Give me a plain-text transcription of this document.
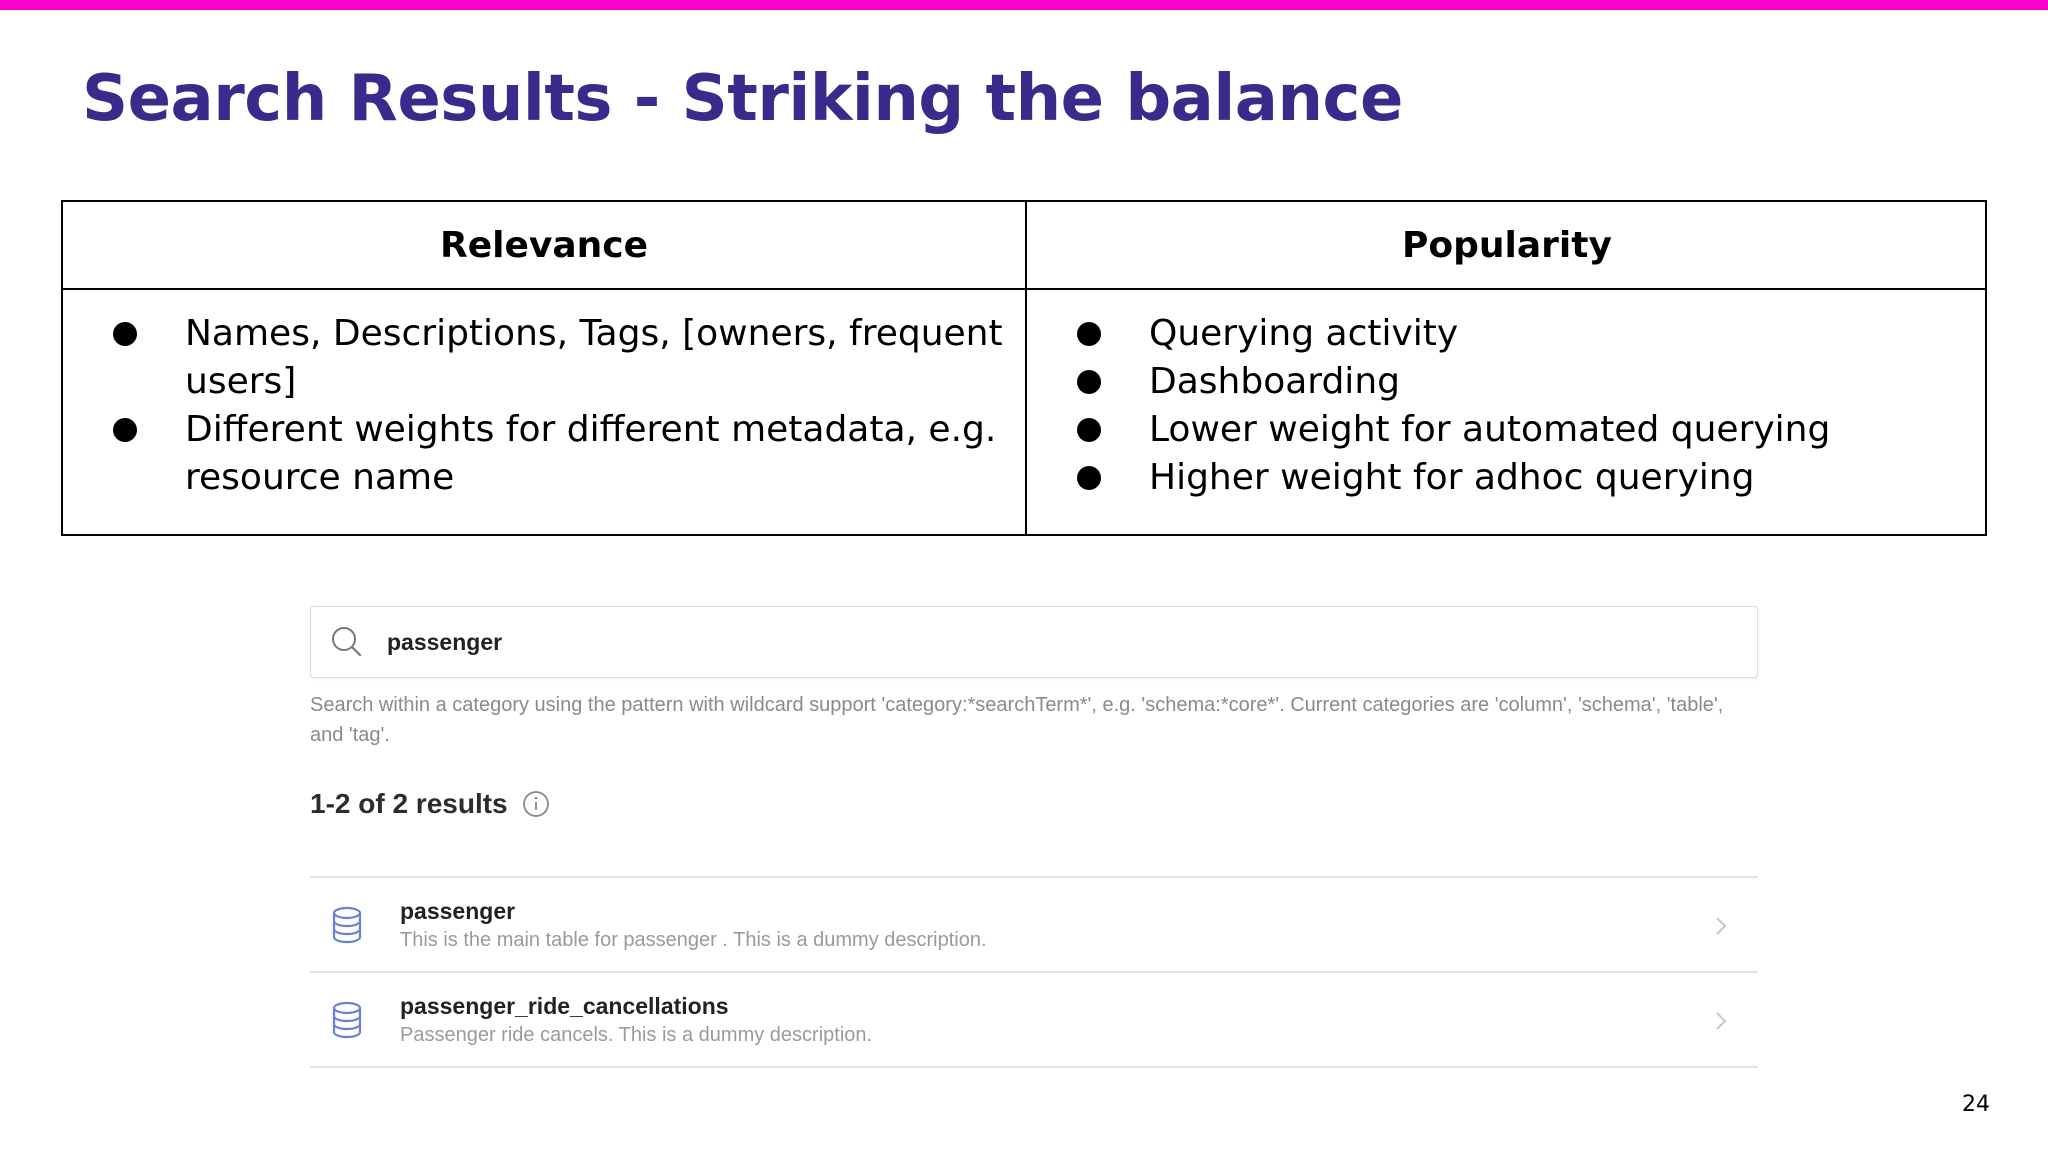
Search Results - Striking the balance
Relevance
Names, Descriptions, Tags, [owners, frequent users]
Different weights for different metadata, e.g. resource name
Popularity
Querying activity
Dashboarding
Lower weight for automated querying
Higher weight for adhoc querying
passenger
Search within a category using the pattern with wildcard support 'category:*searchTerm*', e.g. 'schema:*core*'. Current categories are 'column', 'schema', 'table', and 'tag'.
1-2 of 2 results
passenger
This is the main table for passenger . This is a dummy description.
passenger_ride_cancellations
Passenger ride cancels. This is a dummy description.
24
